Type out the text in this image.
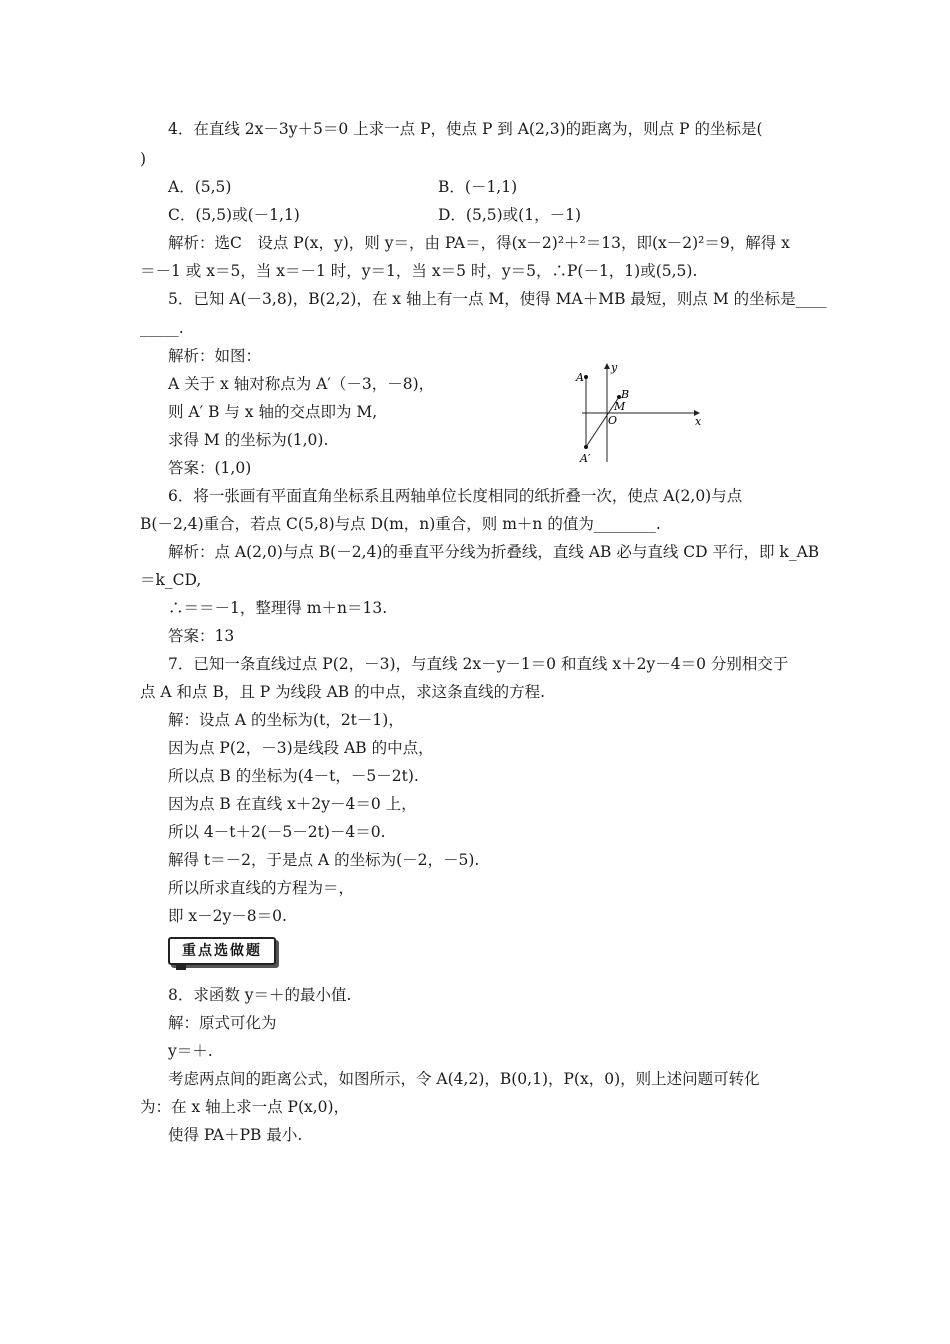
4．在直线 2x－3y＋5＝0 上求一点 P，使点 P 到 A(2,3)的距离为，则点 P 的坐标是(
)
A．(5,5)	B．(－1,1)
C．(5,5)或(－1,1)	D．(5,5)或(1，－1)
解析：选C　设点 P(x，y)，则 y＝，由 PA＝，得(x－2)²＋²＝13，即(x－2)²＝9，解得 x
＝－1 或 x＝5，当 x＝－1 时，y＝1，当 x＝5 时，y＝5，∴P(－1，1)或(5,5).
5．已知 A(－3,8)，B(2,2)，在 x 轴上有一点 M，使得 MA＋MB 最短，则点 M 的坐标是____
_____.
解析：如图：
A 关于 x 轴对称点为 A′（－3，－8)，
则 A′ B 与 x 轴的交点即为 M,
求得 M 的坐标为(1,0).
答案：(1,0)
6．将一张画有平面直角坐标系且两轴单位长度相同的纸折叠一次，使点 A(2,0)与点
B(－2,4)重合，若点 C(5,8)与点 D(m，n)重合，则 m＋n 的值为________.
解析：点 A(2,0)与点 B(－2,4)的垂直平分线为折叠线，直线 AB 必与直线 CD 平行，即 k_AB
＝k_CD,
∴＝＝－1，整理得 m＋n＝13.
答案：13
7．已知一条直线过点 P(2，－3)，与直线 2x－y－1＝0 和直线 x＋2y－4＝0 分别相交于
点 A 和点 B，且 P 为线段 AB 的中点，求这条直线的方程.
解：设点 A 的坐标为(t，2t－1)，
因为点 P(2，－3)是线段 AB 的中点，
所以点 B 的坐标为(4－t，－5－2t).
因为点 B 在直线 x＋2y－4＝0 上，
所以 4－t＋2(－5－2t)－4＝0.
解得 t＝－2，于是点 A 的坐标为(－2，－5).
所以所求直线的方程为＝，
即 x－2y－8＝0.
重点选做题
8．求函数 y＝＋的最小值.
解：原式可化为
y＝＋.
考虑两点间的距离公式，如图所示，令 A(4,2)，B(0,1)，P(x，0)，则上述问题可转化
为：在 x 轴上求一点 P(x,0)，
使得 PA＋PB 最小.
A
y
B
M
O	x
A′
